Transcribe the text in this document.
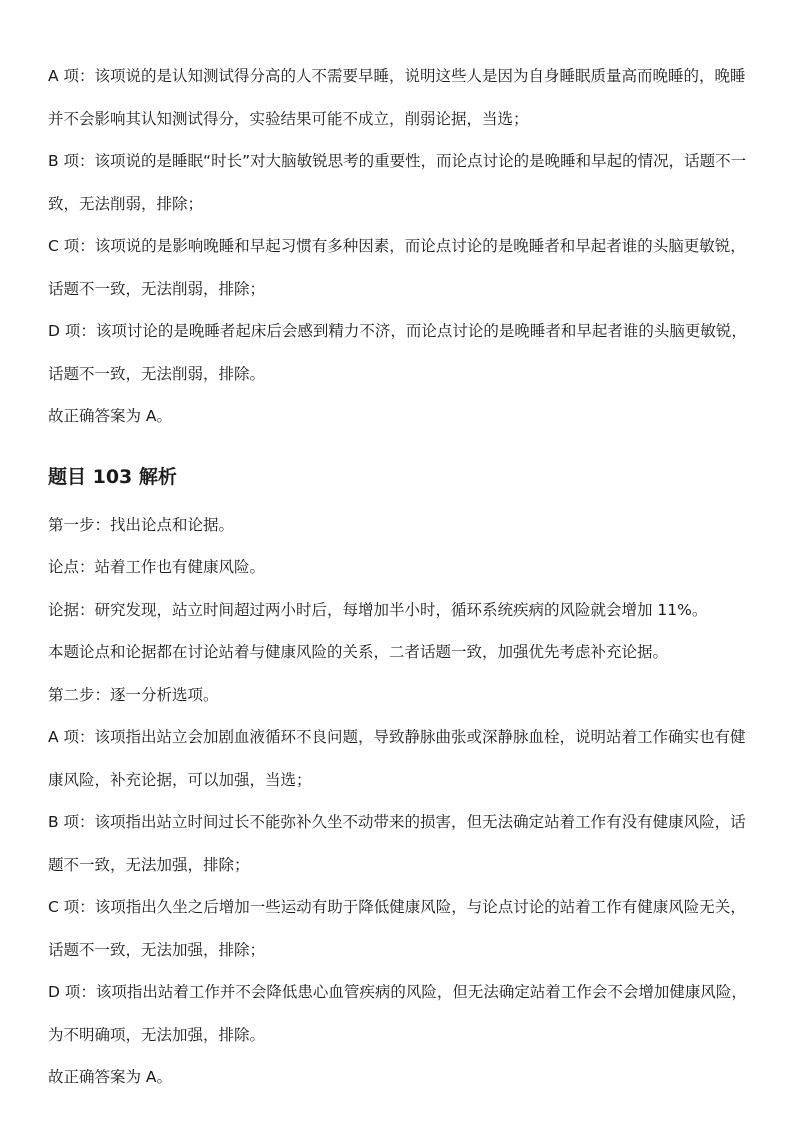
A 项：该项说的是认知测试得分高的人不需要早睡，说明这些人是因为自身睡眠质量高而晚睡的，晚睡并不会影响其认知测试得分，实验结果可能不成立，削弱论据，当选；

B 项：该项说的是睡眠“时长”对大脑敏锐思考的重要性，而论点讨论的是晚睡和早起的情况，话题不一致，无法削弱，排除；

C 项：该项说的是影响晚睡和早起习惯有多种因素，而论点讨论的是晚睡者和早起者谁的头脑更敏锐，话题不一致，无法削弱，排除；

D 项：该项讨论的是晚睡者起床后会感到精力不济，而论点讨论的是晚睡者和早起者谁的头脑更敏锐，话题不一致，无法削弱，排除。

故正确答案为 A。

题目 103 解析

第一步：找出论点和论据。

论点：站着工作也有健康风险。

论据：研究发现，站立时间超过两小时后，每增加半小时，循环系统疾病的风险就会增加 11%。

本题论点和论据都在讨论站着与健康风险的关系，二者话题一致，加强优先考虑补充论据。

第二步：逐一分析选项。

A 项：该项指出站立会加剧血液循环不良问题，导致静脉曲张或深静脉血栓，说明站着工作确实也有健康风险，补充论据，可以加强，当选；

B 项：该项指出站立时间过长不能弥补久坐不动带来的损害，但无法确定站着工作有没有健康风险，话题不一致，无法加强，排除；

C 项：该项指出久坐之后增加一些运动有助于降低健康风险，与论点讨论的站着工作有健康风险无关，话题不一致，无法加强，排除；

D 项：该项指出站着工作并不会降低患心血管疾病的风险，但无法确定站着工作会不会增加健康风险，为不明确项，无法加强，排除。

故正确答案为 A。
